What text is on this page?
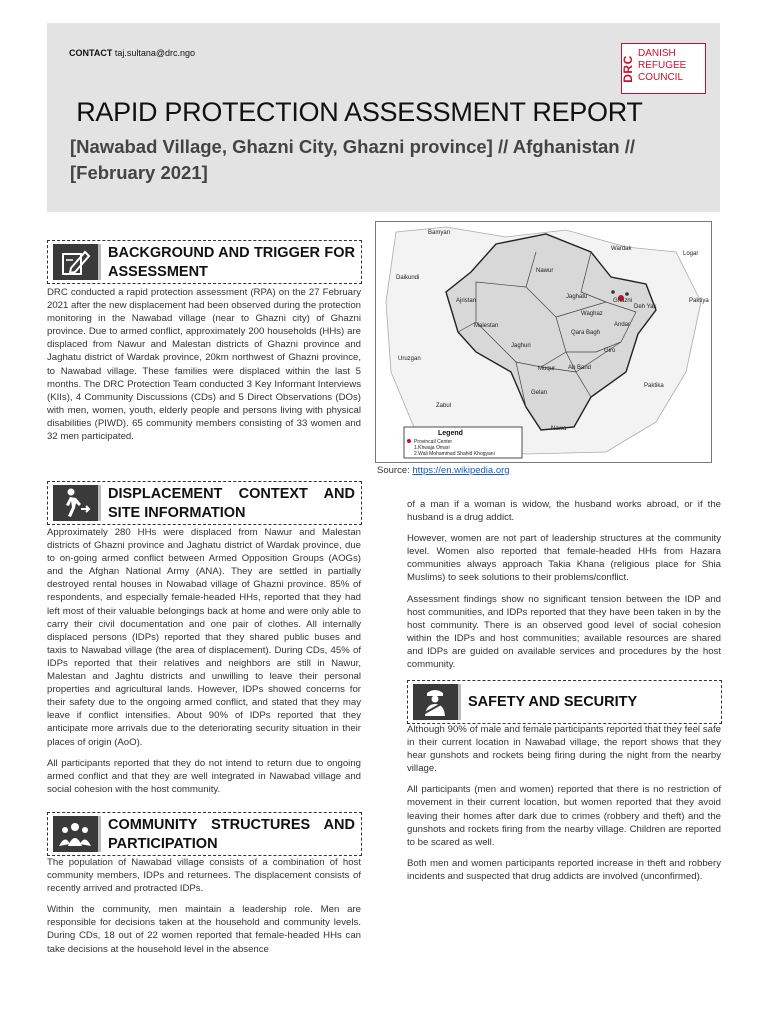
CONTACT taj.sultana@drc.ngo
DRC
DANISH
REFUGEE
COUNCIL
RAPID PROTECTION ASSESSMENT REPORT
[Nawabad Village, Ghazni City, Ghazni province] // Afghanistan // [February 2021]
BACKGROUND AND TRIGGER FOR ASSESSMENT

DRC conducted a rapid protection assessment (RPA) on the 27 February 2021 after the new displacement had been observed during the protection monitoring in the Nawabad village (near to Ghazni city) of Ghazni province. Due to armed conflict, approximately 200 households (HHs) are displaced from Nawur and Malestan districts of Ghazni province and Jaghatu district of Wardak province, 20km northwest of Ghazni province, to Nawabad village. These families were displaced within the last 5 months. The DRC Protection Team conducted 3 Key Informant Interviews (KIIs), 4 Community Discussions (CDs) and 5 Direct Observations (DOs) with men, women, youth, elderly people and persons living with physical disabilities (PIWD). 65 community members consisting of 33 women and 32 men participated.

DISPLACEMENT CONTEXT AND SITE INFORMATION

Approximately 280 HHs were displaced from Nawur and Malestan districts of Ghazni province and Jaghatu district of Wardak province, due to on-going armed conflict between Armed Opposition Groups (AOGs) and the Afghan National Army (ANA). They are settled in partially destroyed rental houses in Nowabad village of Ghazni province. 85% of respondents, and especially female-headed HHs, reported that they had left most of their valuable belongings back at home and were only able to carry their civil documentation and one pair of clothes. All internally displaced persons (IDPs) reported that they shared public buses and taxis to Nawabad village (the area of displacement). During CDs, 45% of IDPs reported that their relatives and neighbors are still in Nawur, Malestan and Jaghtu districts and unwilling to leave their personal properties and agricultural lands. However, IDPs showed concerns for their safety due to the ongoing armed conflict, and stated that they may leave if conflict intensifies. About 90% of IDPs reported that they anticipate more arrivals due to the deteriorating security situation in their places of origin (AoO).

All participants reported that they do not intend to return due to ongoing armed conflict and that they are well integrated in Nawabad village and social cohesion with the host community.

COMMUNITY STRUCTURES AND PARTICIPATION

The population of Nawabad village consists of a combination of host community members, IDPs and returnees. The displacement consists of recently arrived and protracted IDPs.

Within the community, men maintain a leadership role. Men are responsible for decisions taken at the household and community levels. During CDs, 18 out of 22 women reported that female-headed HHs can take decisions at the household level in the absence

Bamyan
Wardak
Logar
Daikundi
Nawur
Ajristan
Jaghatu
Ghazni
Deh Yak
Waghaz
Paktiya
Malestan	Andar
Qara Bagh
Jaghuri
Giro
Uruzgan
Muqur Ab Band
Paktika
Gelan
Zabul
Nawa
Legend
Provincail Center
1.Khwaja Omari
2.Wali Mohammad Shahid Khogyani
Source: https://en.wikipedia.org

of a man if a woman is widow, the husband works abroad, or if the husband is a drug addict.

However, women are not part of leadership structures at the community level. Women also reported that female-headed HHs from Hazara communities always approach Takia Khana (religious place for Shia Muslims) to seek solutions to their problems/conflict.

Assessment findings show no significant tension between the IDP and host communities, and IDPs reported that they have been taken in by the host community. There is an observed good level of social cohesion within the IDPs and host communities; available resources are shared and IDPs are guided on available services and procedures by the host community.

SAFETY AND SECURITY

Although 90% of male and female participants reported that they feel safe in their current location in Nawabad village, the report shows that they hear gunshots and rockets being firing during the night from the nearby village.

All participants (men and women) reported that there is no restriction of movement in their current location, but women reported that they avoid leaving their homes after dark due to crimes (robbery and theft) and the gunshots and rockets firing from the nearby village. Children are reported to be scared as well.

Both men and women participants reported increase in theft and robbery incidents and suspected that drug addicts are involved (unconfirmed).
